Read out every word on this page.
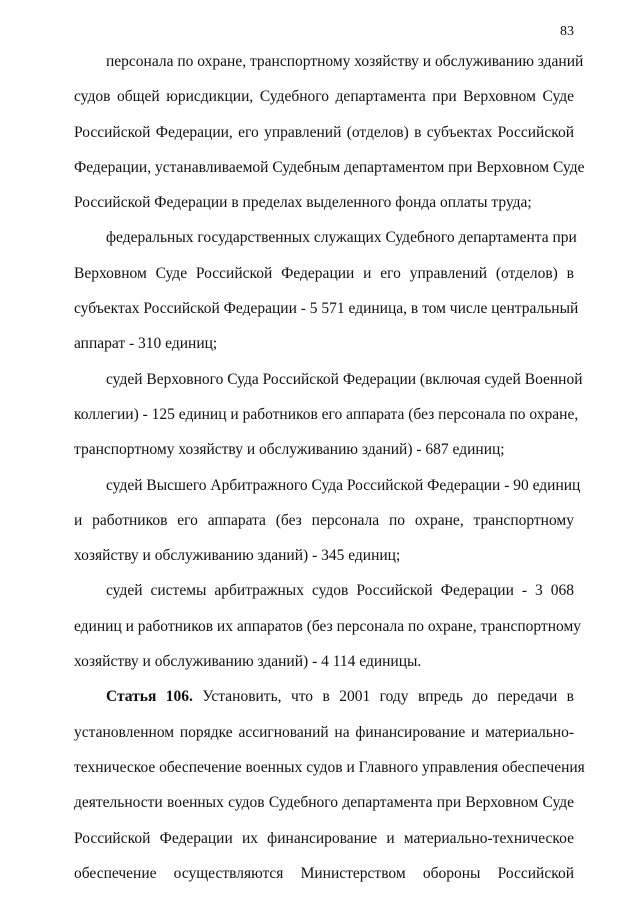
83
персонала по охране, транспортному хозяйству и обслуживанию зданий
судов общей юрисдикции, Судебного департамента при Верховном Суде
Российской Федерации, его управлений (отделов) в субъектах Российской
Федерации, устанавливаемой Судебным департаментом при Верховном Суде
Российской Федерации в пределах выделенного фонда оплаты труда;
федеральных государственных служащих Судебного департамента при
Верховном Суде Российской Федерации и его управлений (отделов) в
субъектах Российской Федерации - 5 571 единица, в том числе центральный
аппарат - 310 единиц;
судей Верховного Суда Российской Федерации (включая судей Военной
коллегии) - 125 единиц и работников его аппарата (без персонала по охране,
транспортному хозяйству и обслуживанию зданий) - 687 единиц;
судей Высшего Арбитражного Суда Российской Федерации - 90 единиц
и работников его аппарата (без персонала по охране, транспортному
хозяйству и обслуживанию зданий) - 345 единиц;
судей системы арбитражных судов Российской Федерации - 3 068
единиц и работников их аппаратов (без персонала по охране, транспортному
хозяйству и обслуживанию зданий) - 4 114 единицы.
Статья 106. Установить, что в 2001 году впредь до передачи в
установленном порядке ассигнований на финансирование и материально-
техническое обеспечение военных судов и Главного управления обеспечения
деятельности военных судов Судебного департамента при Верховном Суде
Российской Федерации их финансирование и материально-техническое
обеспечение осуществляются Министерством обороны Российской
